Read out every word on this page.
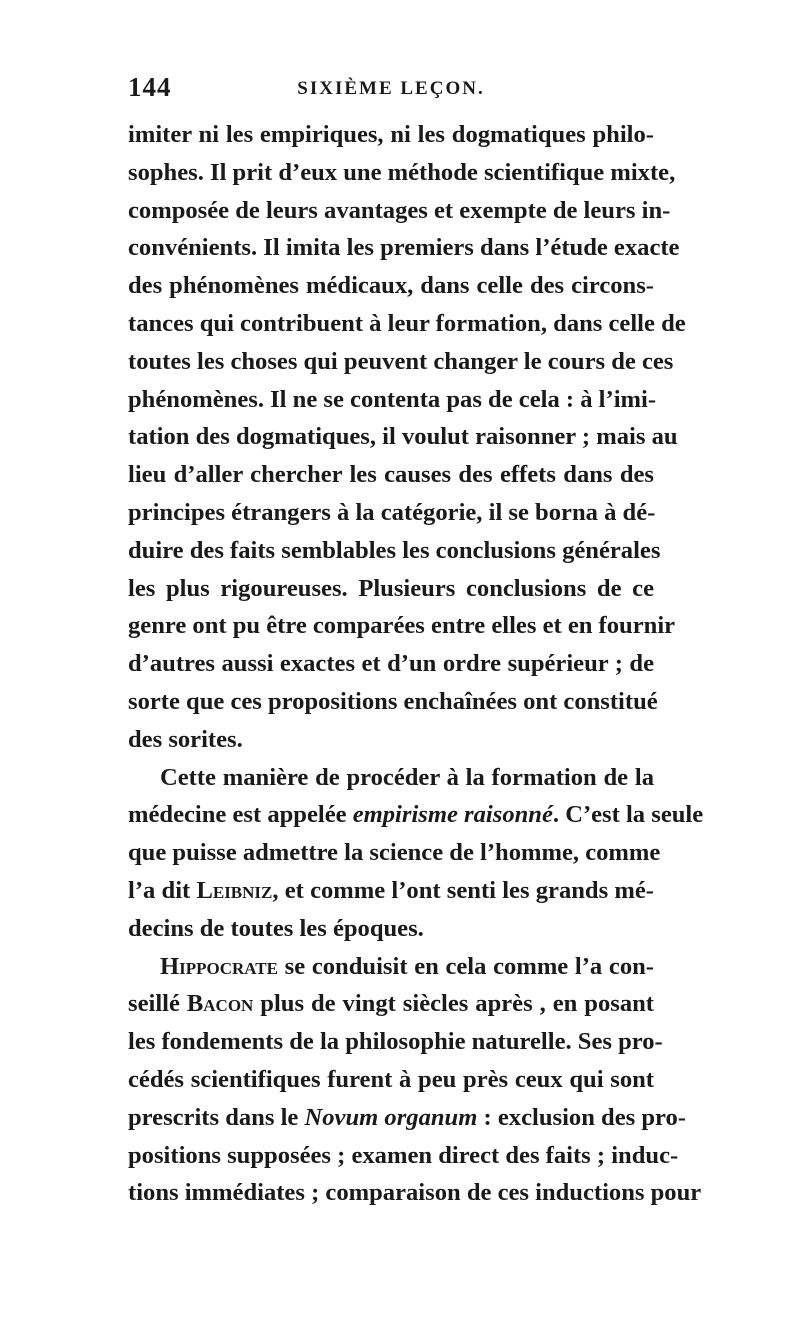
144	SIXIÈME LEÇON.
imiter ni les empiriques, ni les dogmatiques philo-
sophes. Il prit d’eux une méthode scientifique mixte,
composée de leurs avantages et exempte de leurs in-
convénients. Il imita les premiers dans l’étude exacte
des phénomènes médicaux, dans celle des circons-
tances qui contribuent à leur formation, dans celle de
toutes les choses qui peuvent changer le cours de ces
phénomènes. Il ne se contenta pas de cela : à l’imi-
tation des dogmatiques, il voulut raisonner ; mais au
lieu d’aller chercher les causes des effets dans des
principes étrangers à la catégorie, il se borna à dé-
duire des faits semblables les conclusions générales
les plus rigoureuses. Plusieurs conclusions de ce
genre ont pu être comparées entre elles et en fournir
d’autres aussi exactes et d’un ordre supérieur ; de
sorte que ces propositions enchaînées ont constitué
des sorites.
Cette manière de procéder à la formation de la
médecine est appelée empirisme raisonné. C’est la seule
que puisse admettre la science de l’homme, comme
l’a dit Leibniz, et comme l’ont senti les grands mé-
decins de toutes les époques.
Hippocrate se conduisit en cela comme l’a con-
seillé Bacon plus de vingt siècles après , en posant
les fondements de la philosophie naturelle. Ses pro-
cédés scientifiques furent à peu près ceux qui sont
prescrits dans le Novum organum : exclusion des pro-
positions supposées ; examen direct des faits ; induc-
tions immédiates ; comparaison de ces inductions pour
